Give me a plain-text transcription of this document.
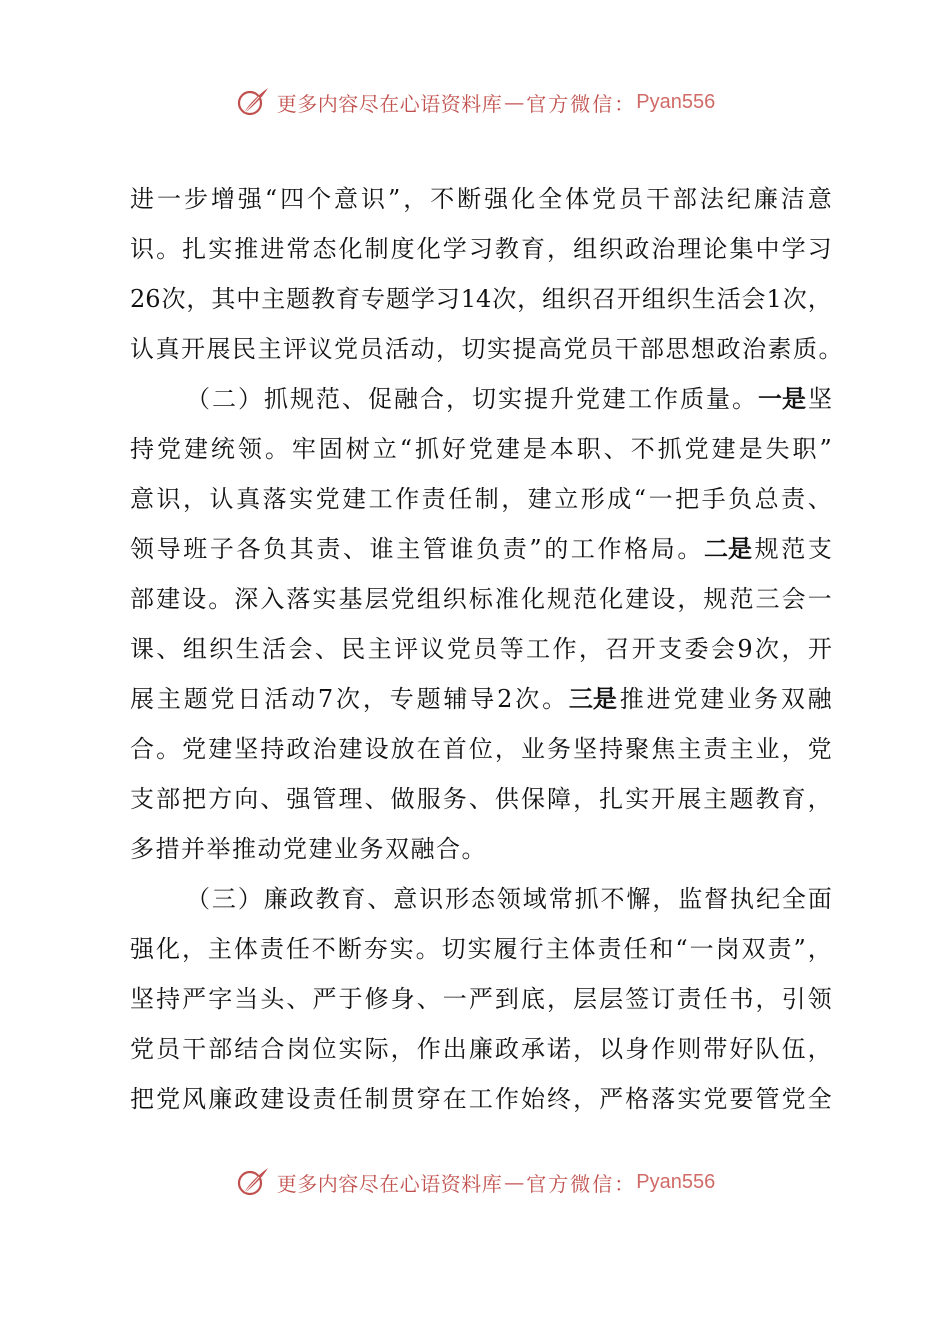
更多内容尽在心语资料库 — 官方微信： Pyan556
进 一 步 增 强 “ 四 个 意 识 ” ， 不 断 强 化 全 体 党 员 干 部 法 纪 廉 洁 意
识 。 扎 实 推 进 常 态 化 制 度 化 学 习 教 育 ， 组 织 政 治 理 论 集 中 学 习
26 次 ， 其 中 主 题 教 育 专 题 学 习 14 次 ， 组 织 召 开 组 织 生 活 会 1 次 ，
认 真 开 展 民 主 评 议 党 员 活 动 ， 切 实 提 高 党 员 干 部 思 想 政 治 素 质 。
（ 二 ） 抓 规 范 、 促 融 合 ， 切 实 提 升 党 建 工 作 质 量 。 一是 坚
持 党 建 统 领 。 牢 固 树 立 “ 抓 好 党 建 是 本 职 、 不 抓 党 建 是 失 职 ”
意 识 ， 认 真 落 实 党 建 工 作 责 任 制 ， 建 立 形 成 “ 一 把 手 负 总 责 、
领 导 班 子 各 负 其 责 、 谁 主 管 谁 负 责 ” 的 工 作 格 局 。 二是 规 范 支
部 建 设 。 深 入 落 实 基 层 党 组 织 标 准 化 规 范 化 建 设 ， 规 范 三 会 一
课 、 组 织 生 活 会 、 民 主 评 议 党 员 等 工 作 ， 召 开 支 委 会 9 次 ， 开
展 主 题 党 日 活 动 7 次 ， 专 题 辅 导 2 次 。 三是 推 进 党 建 业 务 双 融
合 。 党 建 坚 持 政 治 建 设 放 在 首 位 ， 业 务 坚 持 聚 焦 主 责 主 业 ， 党
支 部 把 方 向 、 强 管 理 、 做 服 务 、 供 保 障 ， 扎 实 开 展 主 题 教 育 ，
多 措 并 举 推 动 党 建 业 务 双 融 合 。
（ 三 ） 廉 政 教 育 、 意 识 形 态 领 域 常 抓 不 懈 ， 监 督 执 纪 全 面
强 化 ， 主 体 责 任 不 断 夯 实 。 切 实 履 行 主 体 责 任 和 “ 一 岗 双 责 ” ，
坚 持 严 字 当 头 、 严 于 修 身 、 一 严 到 底 ， 层 层 签 订 责 任 书 ， 引 领
党 员 干 部 结 合 岗 位 实 际 ， 作 出 廉 政 承 诺 ， 以 身 作 则 带 好 队 伍 ，
把 党 风 廉 政 建 设 责 任 制 贯 穿 在 工 作 始 终 ， 严 格 落 实 党 要 管 党 全
更多内容尽在心语资料库 — 官方微信： Pyan556
